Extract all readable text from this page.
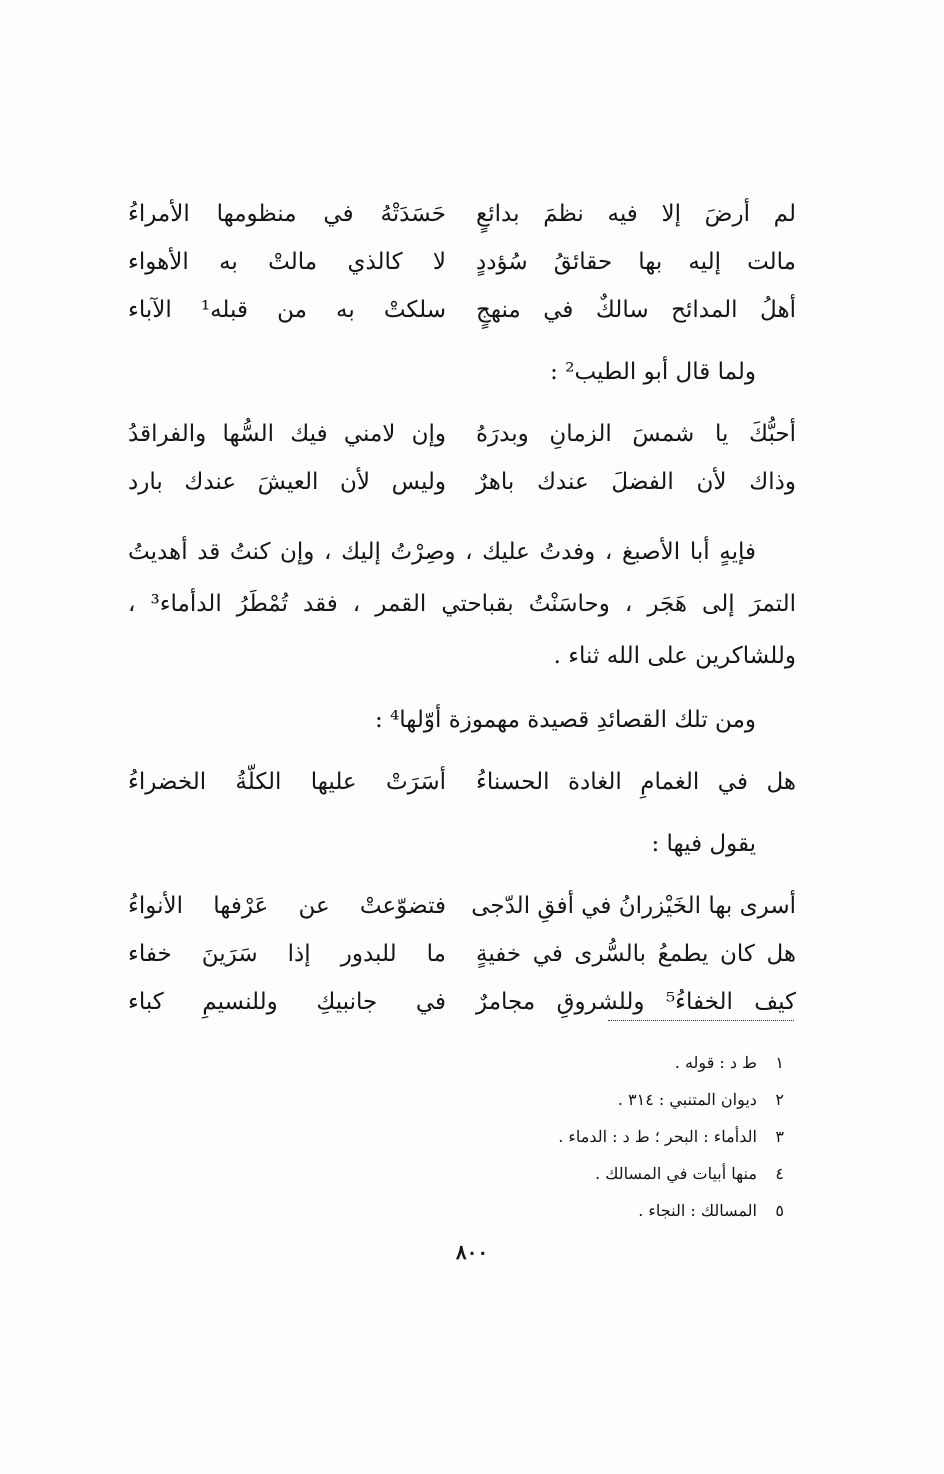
لم أرضَ إلا فيه نظمَ بدائعٍ
حَسَدَتْهُ في منظومها الأمراءُ
مالت إليه بها حقائقُ سُؤددٍ
لا كالذي مالتْ به الأهواء
أهلُ المدائح سالكٌ في منهجٍ
سلكتْ به من قبله¹ الآباء
ولما قال أبو الطيب² :
أحبُّكَ يا شمسَ الزمانِ وبدرَهُ
وإن لامني فيك السُّها والفراقدُ
وذاك لأن الفضلَ عندك باهرٌ
وليس لأن العيشَ عندك بارد

فإيهٍ أبا الأصبغ ، وفدتُ عليك ، وصِرْتُ إليك ، وإن كنتُ قد أهديتُ التمرَ إلى هَجَر ، وحاسَنْتُ بقباحتي القمر ، فقد تُمْطَرُ الدأماء³ ، وللشاكرين على الله ثناء .

ومن تلك القصائدِ قصيدة مهموزة أوّلها⁴ :
هل في الغمامِ الغادة الحسناءُ
أسَرَتْ عليها الكلّةُ الخضراءُ
يقول فيها :
أسرى بها الخَيْزرانُ في أفقِ الدّجى
فتضوّعتْ عن عَرْفها الأنواءُ
هل كان يطمعُ بالسُّرى في خفيةٍ
ما للبدور إذا سَرَينَ خفاء
كيف الخفاءُ⁵ وللشروقِ مجامرٌ
في جانبيكِ وللنسيمِ كباء
١ ط د : قوله .
٢ ديوان المتنبي : ٣١٤ .
٣ الدأماء : البحر ؛ ط د : الدماء .
٤ منها أبيات في المسالك .
٥ المسالك : النجاء .
٨٠٠
